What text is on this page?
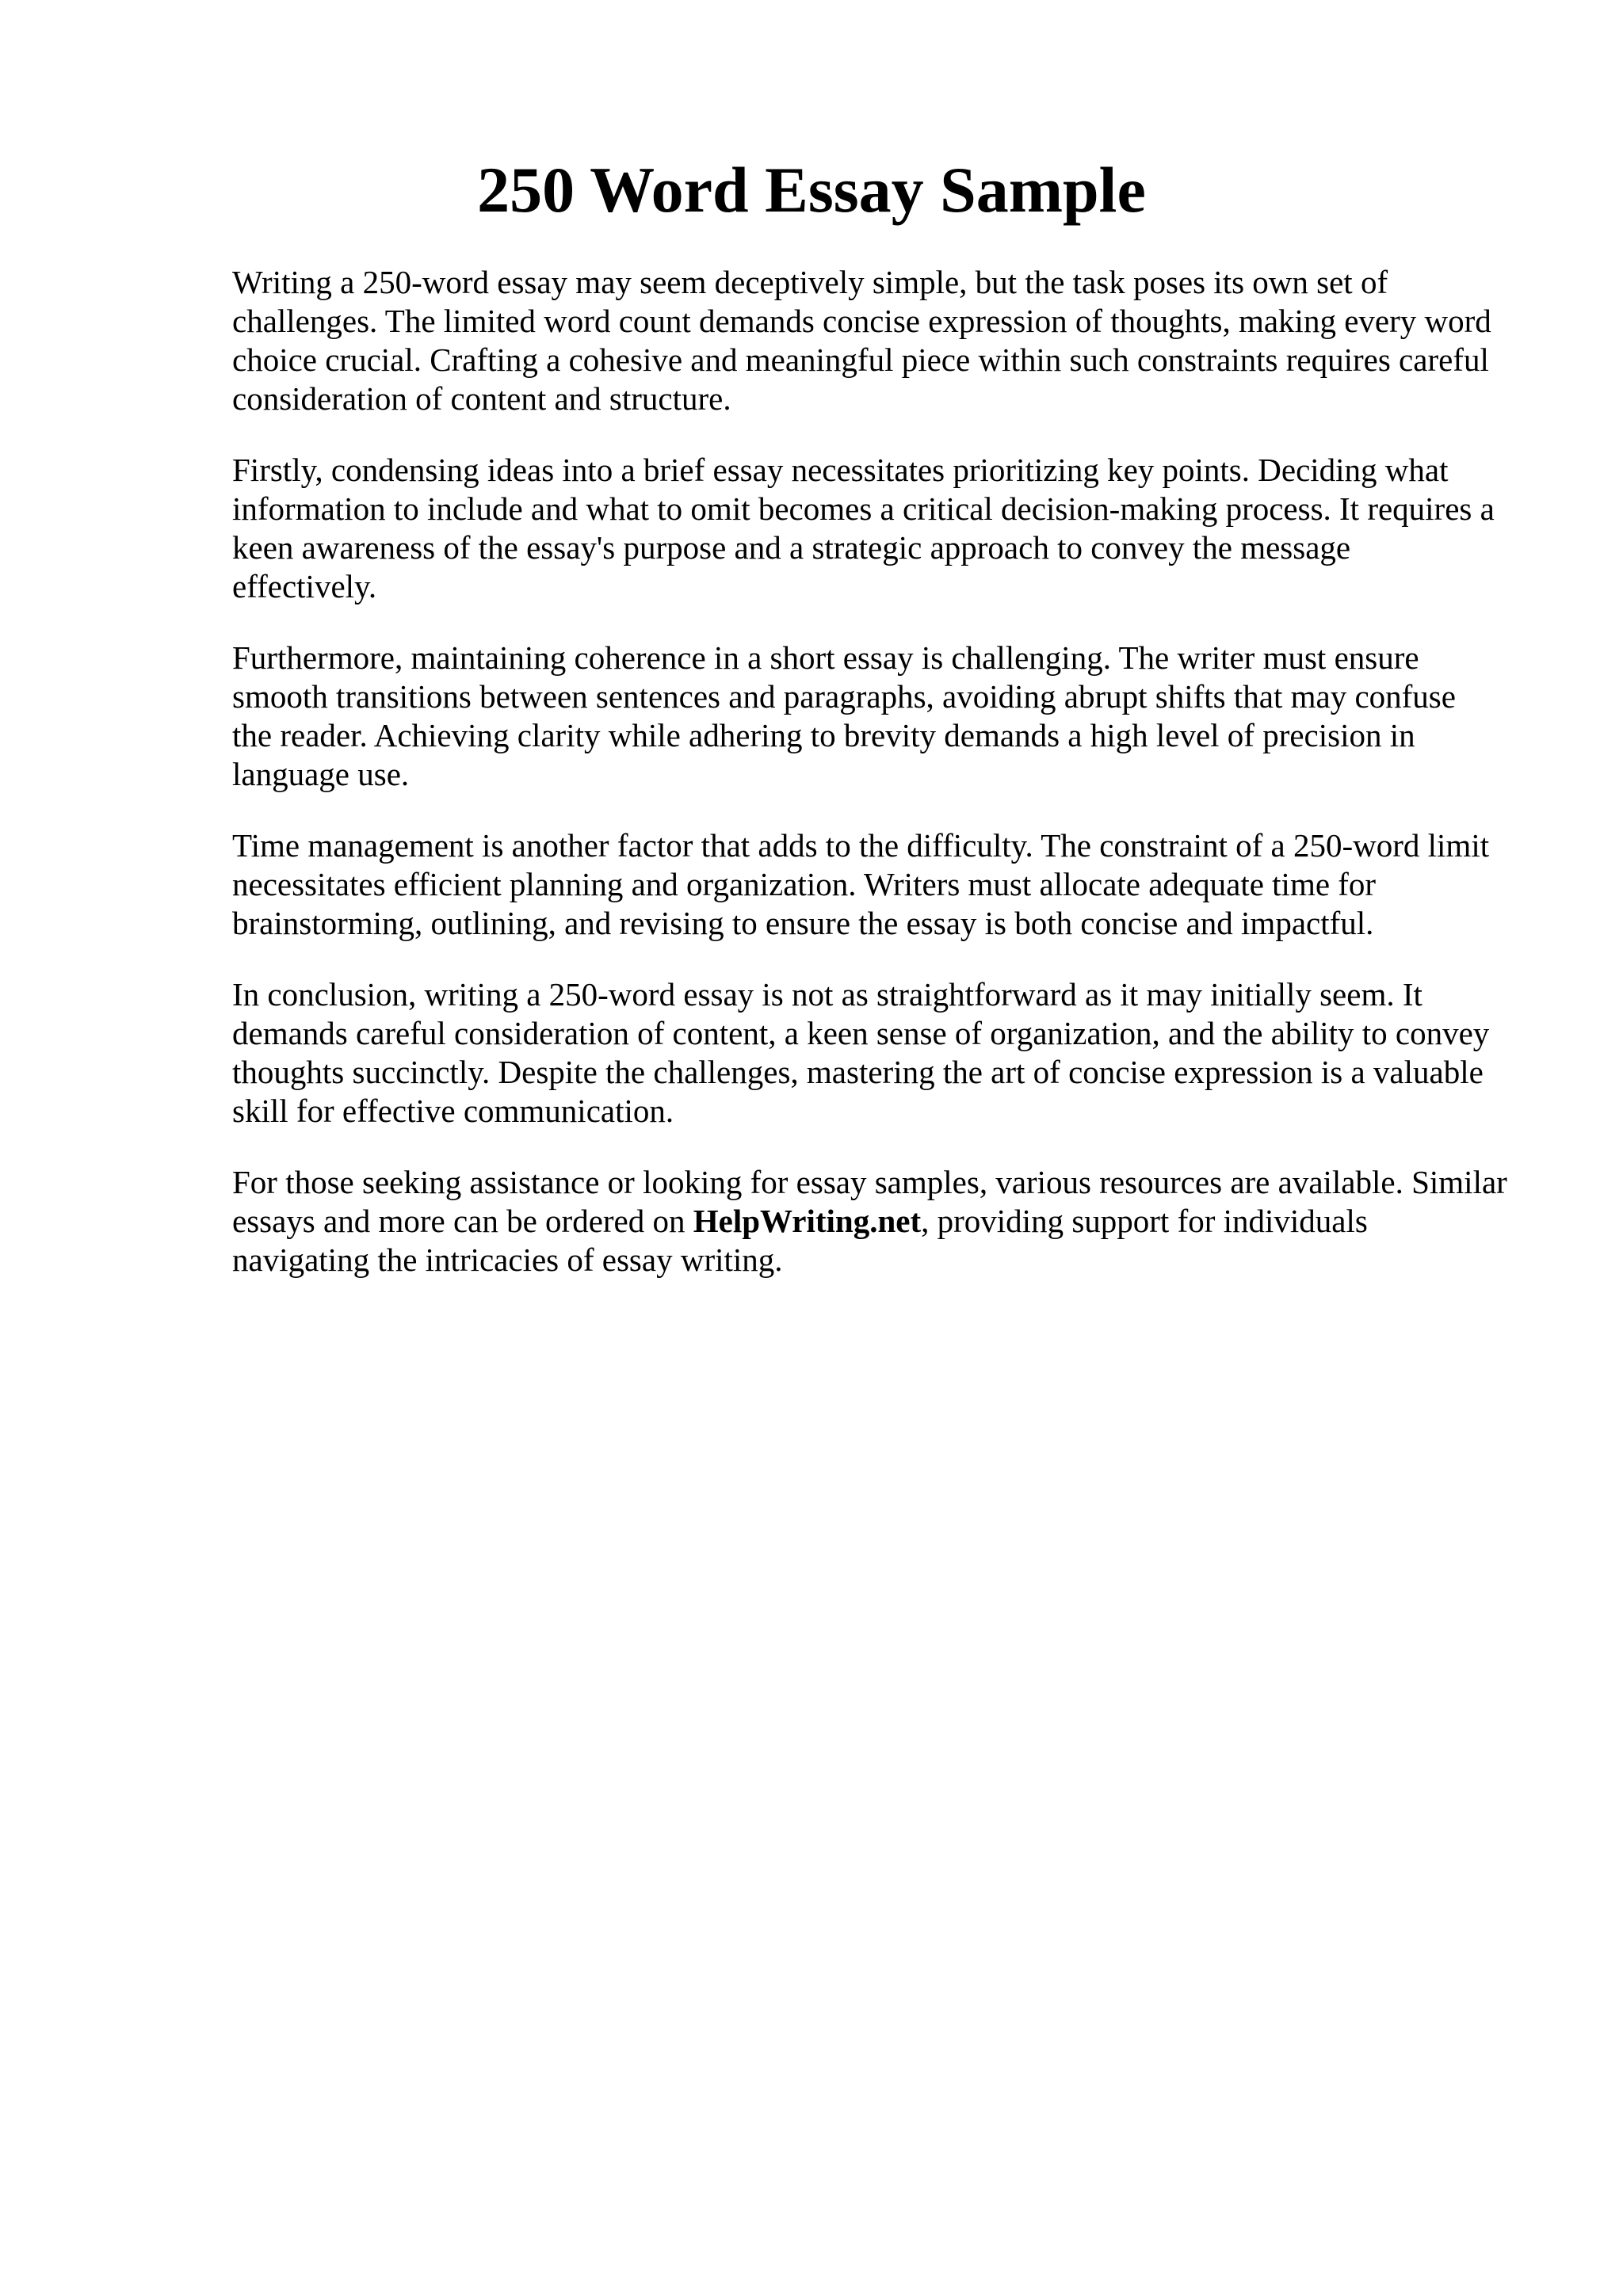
250 Word Essay Sample

Writing a 250-word essay may seem deceptively simple, but the task poses its own set of
challenges. The limited word count demands concise expression of thoughts, making every word
choice crucial. Crafting a cohesive and meaningful piece within such constraints requires careful
consideration of content and structure.

Firstly, condensing ideas into a brief essay necessitates prioritizing key points. Deciding what
information to include and what to omit becomes a critical decision-making process. It requires a
keen awareness of the essay's purpose and a strategic approach to convey the message
effectively.

Furthermore, maintaining coherence in a short essay is challenging. The writer must ensure
smooth transitions between sentences and paragraphs, avoiding abrupt shifts that may confuse
the reader. Achieving clarity while adhering to brevity demands a high level of precision in
language use.

Time management is another factor that adds to the difficulty. The constraint of a 250-word limit
necessitates efficient planning and organization. Writers must allocate adequate time for
brainstorming, outlining, and revising to ensure the essay is both concise and impactful.

In conclusion, writing a 250-word essay is not as straightforward as it may initially seem. It
demands careful consideration of content, a keen sense of organization, and the ability to convey
thoughts succinctly. Despite the challenges, mastering the art of concise expression is a valuable
skill for effective communication.

For those seeking assistance or looking for essay samples, various resources are available. Similar
essays and more can be ordered on HelpWriting.net, providing support for individuals
navigating the intricacies of essay writing.
